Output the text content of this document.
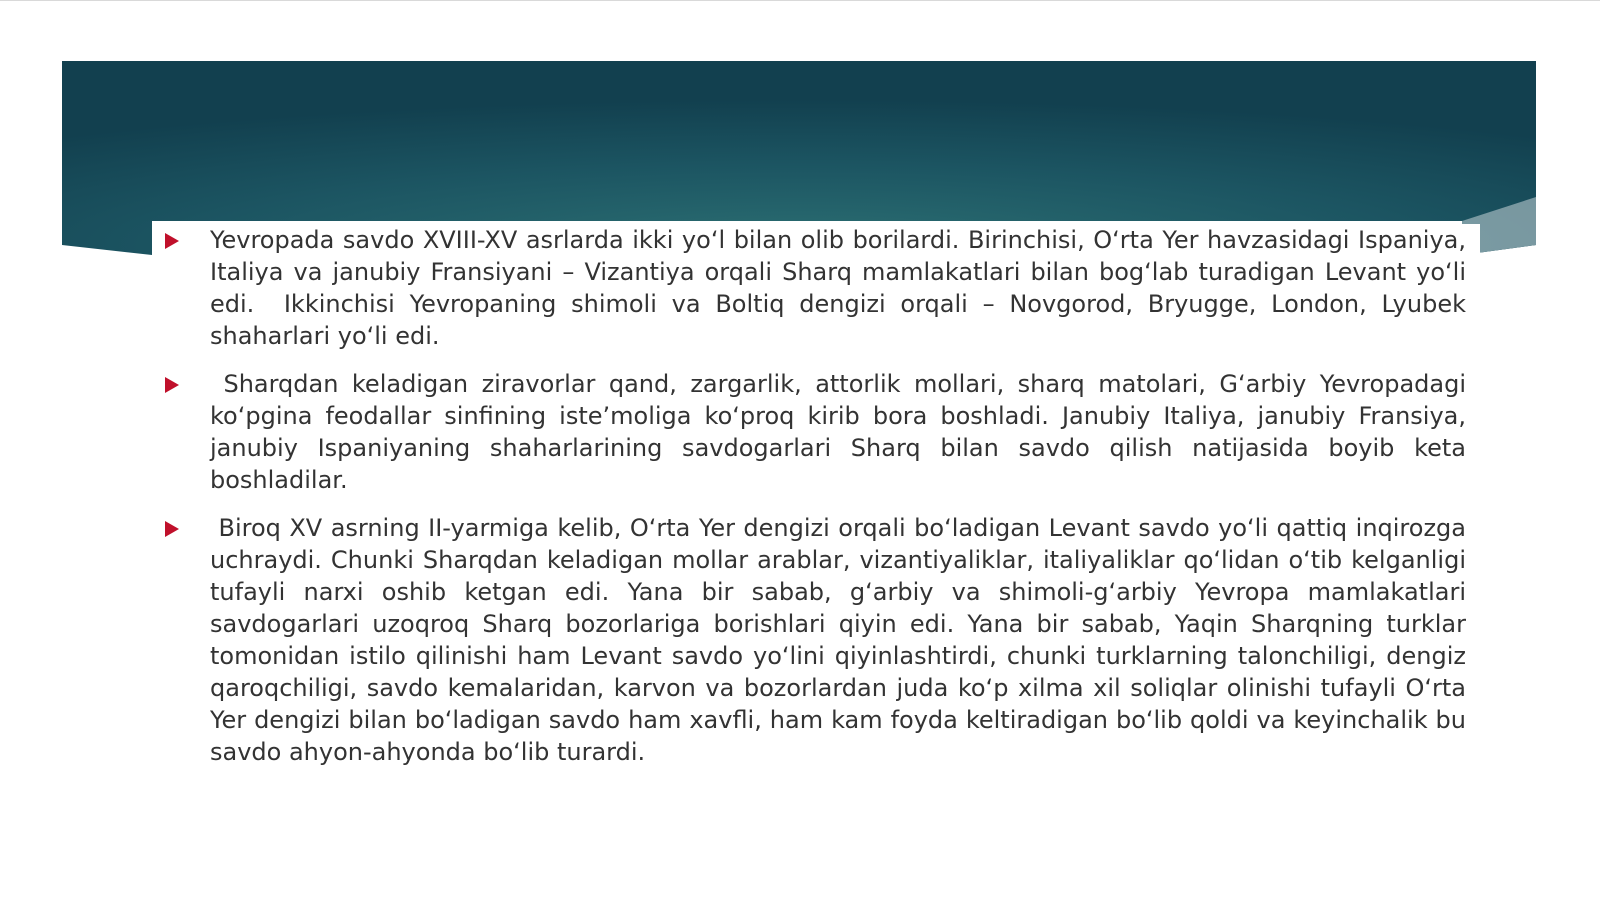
Yevropada savdo XVIII-XV asrlarda ikki yo‘l bilan olib borilardi. Birinchisi, O‘rta Yer havzasidagi Ispaniya, Italiya va janubiy Fransiyani – Vizantiya orqali Sharq mamlakatlari bilan bog‘lab turadigan Levant yo‘li edi.  Ikkinchisi Yevropaning shimoli va Boltiq dengizi orqali – Novgorod, Bryugge, London, Lyubek shaharlari yo‘li edi.

Sharqdan keladigan ziravorlar qand, zargarlik, attorlik mollari, sharq matolari, G‘arbiy Yevropadagi ko‘pgina feodallar sinfining iste’moliga ko‘proq kirib bora boshladi. Janubiy Italiya, janubiy Fransiya, janubiy Ispaniyaning shaharlarining savdogarlari Sharq bilan savdo qilish natijasida boyib keta boshladilar.

Biroq XV asrning II-yarmiga kelib, O‘rta Yer dengizi orqali bo‘ladigan Levant savdo yo‘li qattiq inqirozga uchraydi. Chunki Sharqdan keladigan mollar arablar, vizantiyaliklar, italiyaliklar qo‘lidan o‘tib kelganligi tufayli narxi oshib ketgan edi. Yana bir sabab, g‘arbiy va shimoli-g‘arbiy Yevropa mamlakatlari savdogarlari uzoqroq Sharq bozorlariga borishlari qiyin edi. Yana bir sabab, Yaqin Sharqning turklar tomonidan istilo qilinishi ham Levant savdo yo‘lini qiyinlashtirdi, chunki turklarning talonchiligi, dengiz qaroqchiligi, savdo kemalaridan, karvon va bozorlardan juda ko‘p xilma xil soliqlar olinishi tufayli O‘rta Yer dengizi bilan bo‘ladigan savdo ham xavfli, ham kam foyda keltiradigan bo‘lib qoldi va keyinchalik bu savdo ahyon-ahyonda bo‘lib turardi.
